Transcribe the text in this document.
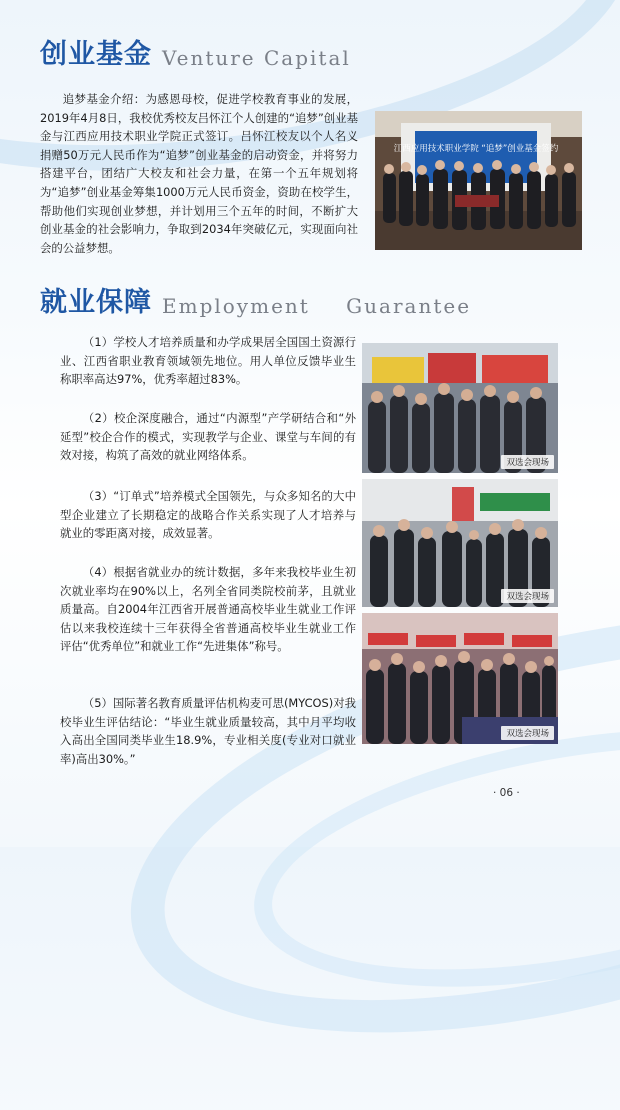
创业基金 Venture Capital

追梦基金介绍：为感恩母校，促进学校教育事业的发展，2019年4月8日，我校优秀校友吕怀江个人创建的“追梦”创业基金与江西应用技术职业学院正式签订。吕怀江校友以个人名义捐赠50万元人民币作为“追梦”创业基金的启动资金，并将努力搭建平台，团结广大校友和社会力量，在第一个五年规划将为“追梦”创业基金筹集1000万元人民币资金，资助在校学生，帮助他们实现创业梦想，并计划用三个五年的时间，不断扩大创业基金的社会影响力，争取到2034年突破亿元，实现面向社会的公益梦想。

江西应用技术职业学院 “追梦”创业基金签约
就业保障 Employment Guarantee

（1）学校人才培养质量和办学成果居全国国土资源行业、江西省职业教育领域领先地位。用人单位反馈毕业生称职率高达97%，优秀率超过83%。

（2）校企深度融合，通过“内源型”产学研结合和“外延型”校企合作的模式，实现教学与企业、课堂与车间的有效对接，构筑了高效的就业网络体系。

（3）“订单式”培养模式全国领先，与众多知名的大中型企业建立了长期稳定的战略合作关系实现了人才培养与就业的零距离对接，成效显著。

（4）根据省就业办的统计数据，多年来我校毕业生初次就业率均在90%以上，名列全省同类院校前茅，且就业质量高。自2004年江西省开展普通高校毕业生就业工作评估以来我校连续十三年获得全省普通高校毕业生就业工作评估“优秀单位”和就业工作“先进集体”称号。

（5）国际著名教育质量评估机构麦可思(MYCOS)对我校毕业生评估结论：“毕业生就业质量较高，其中月平均收入高出全国同类毕业生18.9%，专业相关度(专业对口就业率)高出30%。”

双选会现场
双选会现场
双选会现场
· 06 ·
